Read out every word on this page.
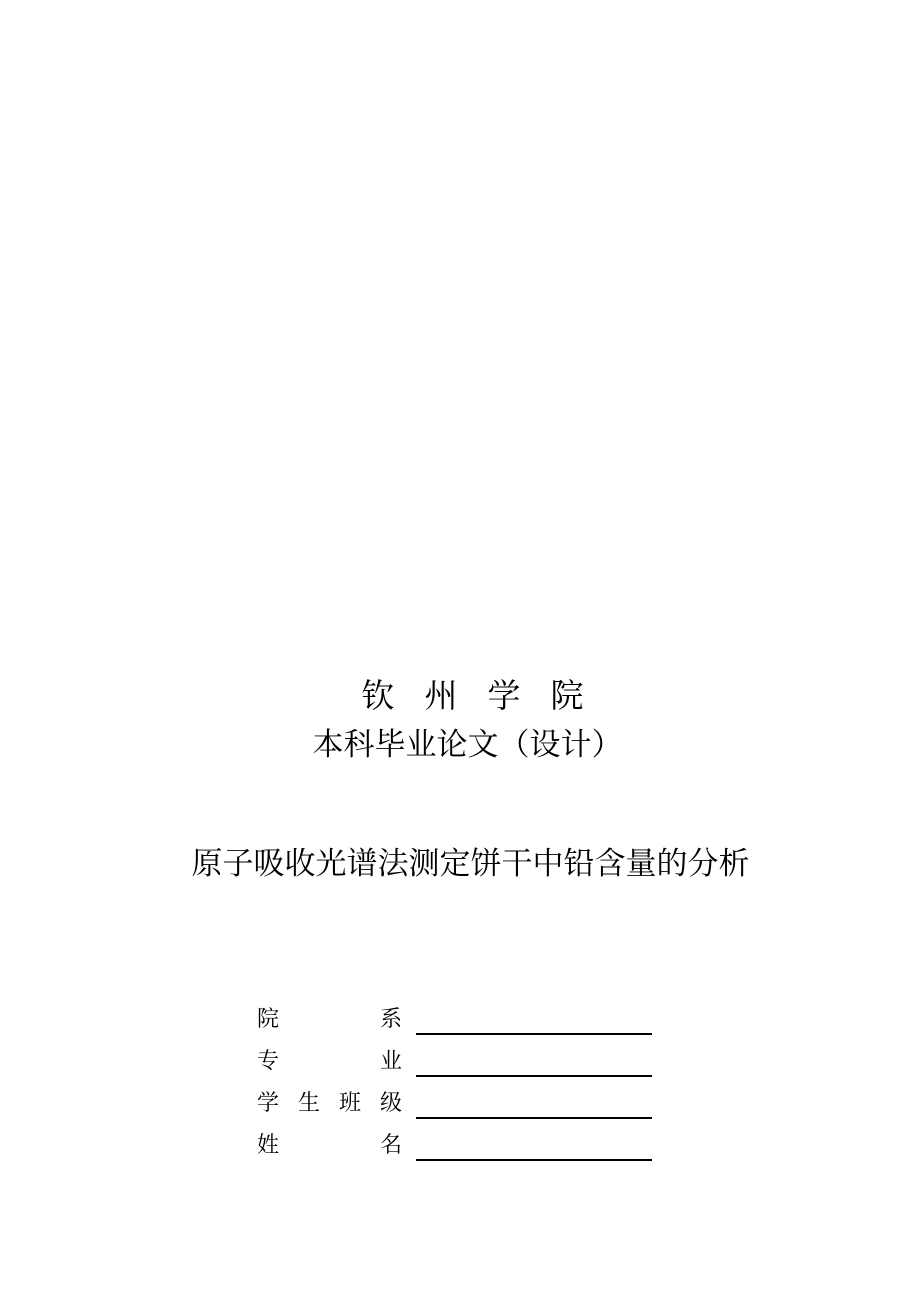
钦 州 学 院
本科毕业论文（设计）
原子吸收光谱法测定饼干中铅含量的分析
院	系
专	业
学 生 班 级
姓	名
